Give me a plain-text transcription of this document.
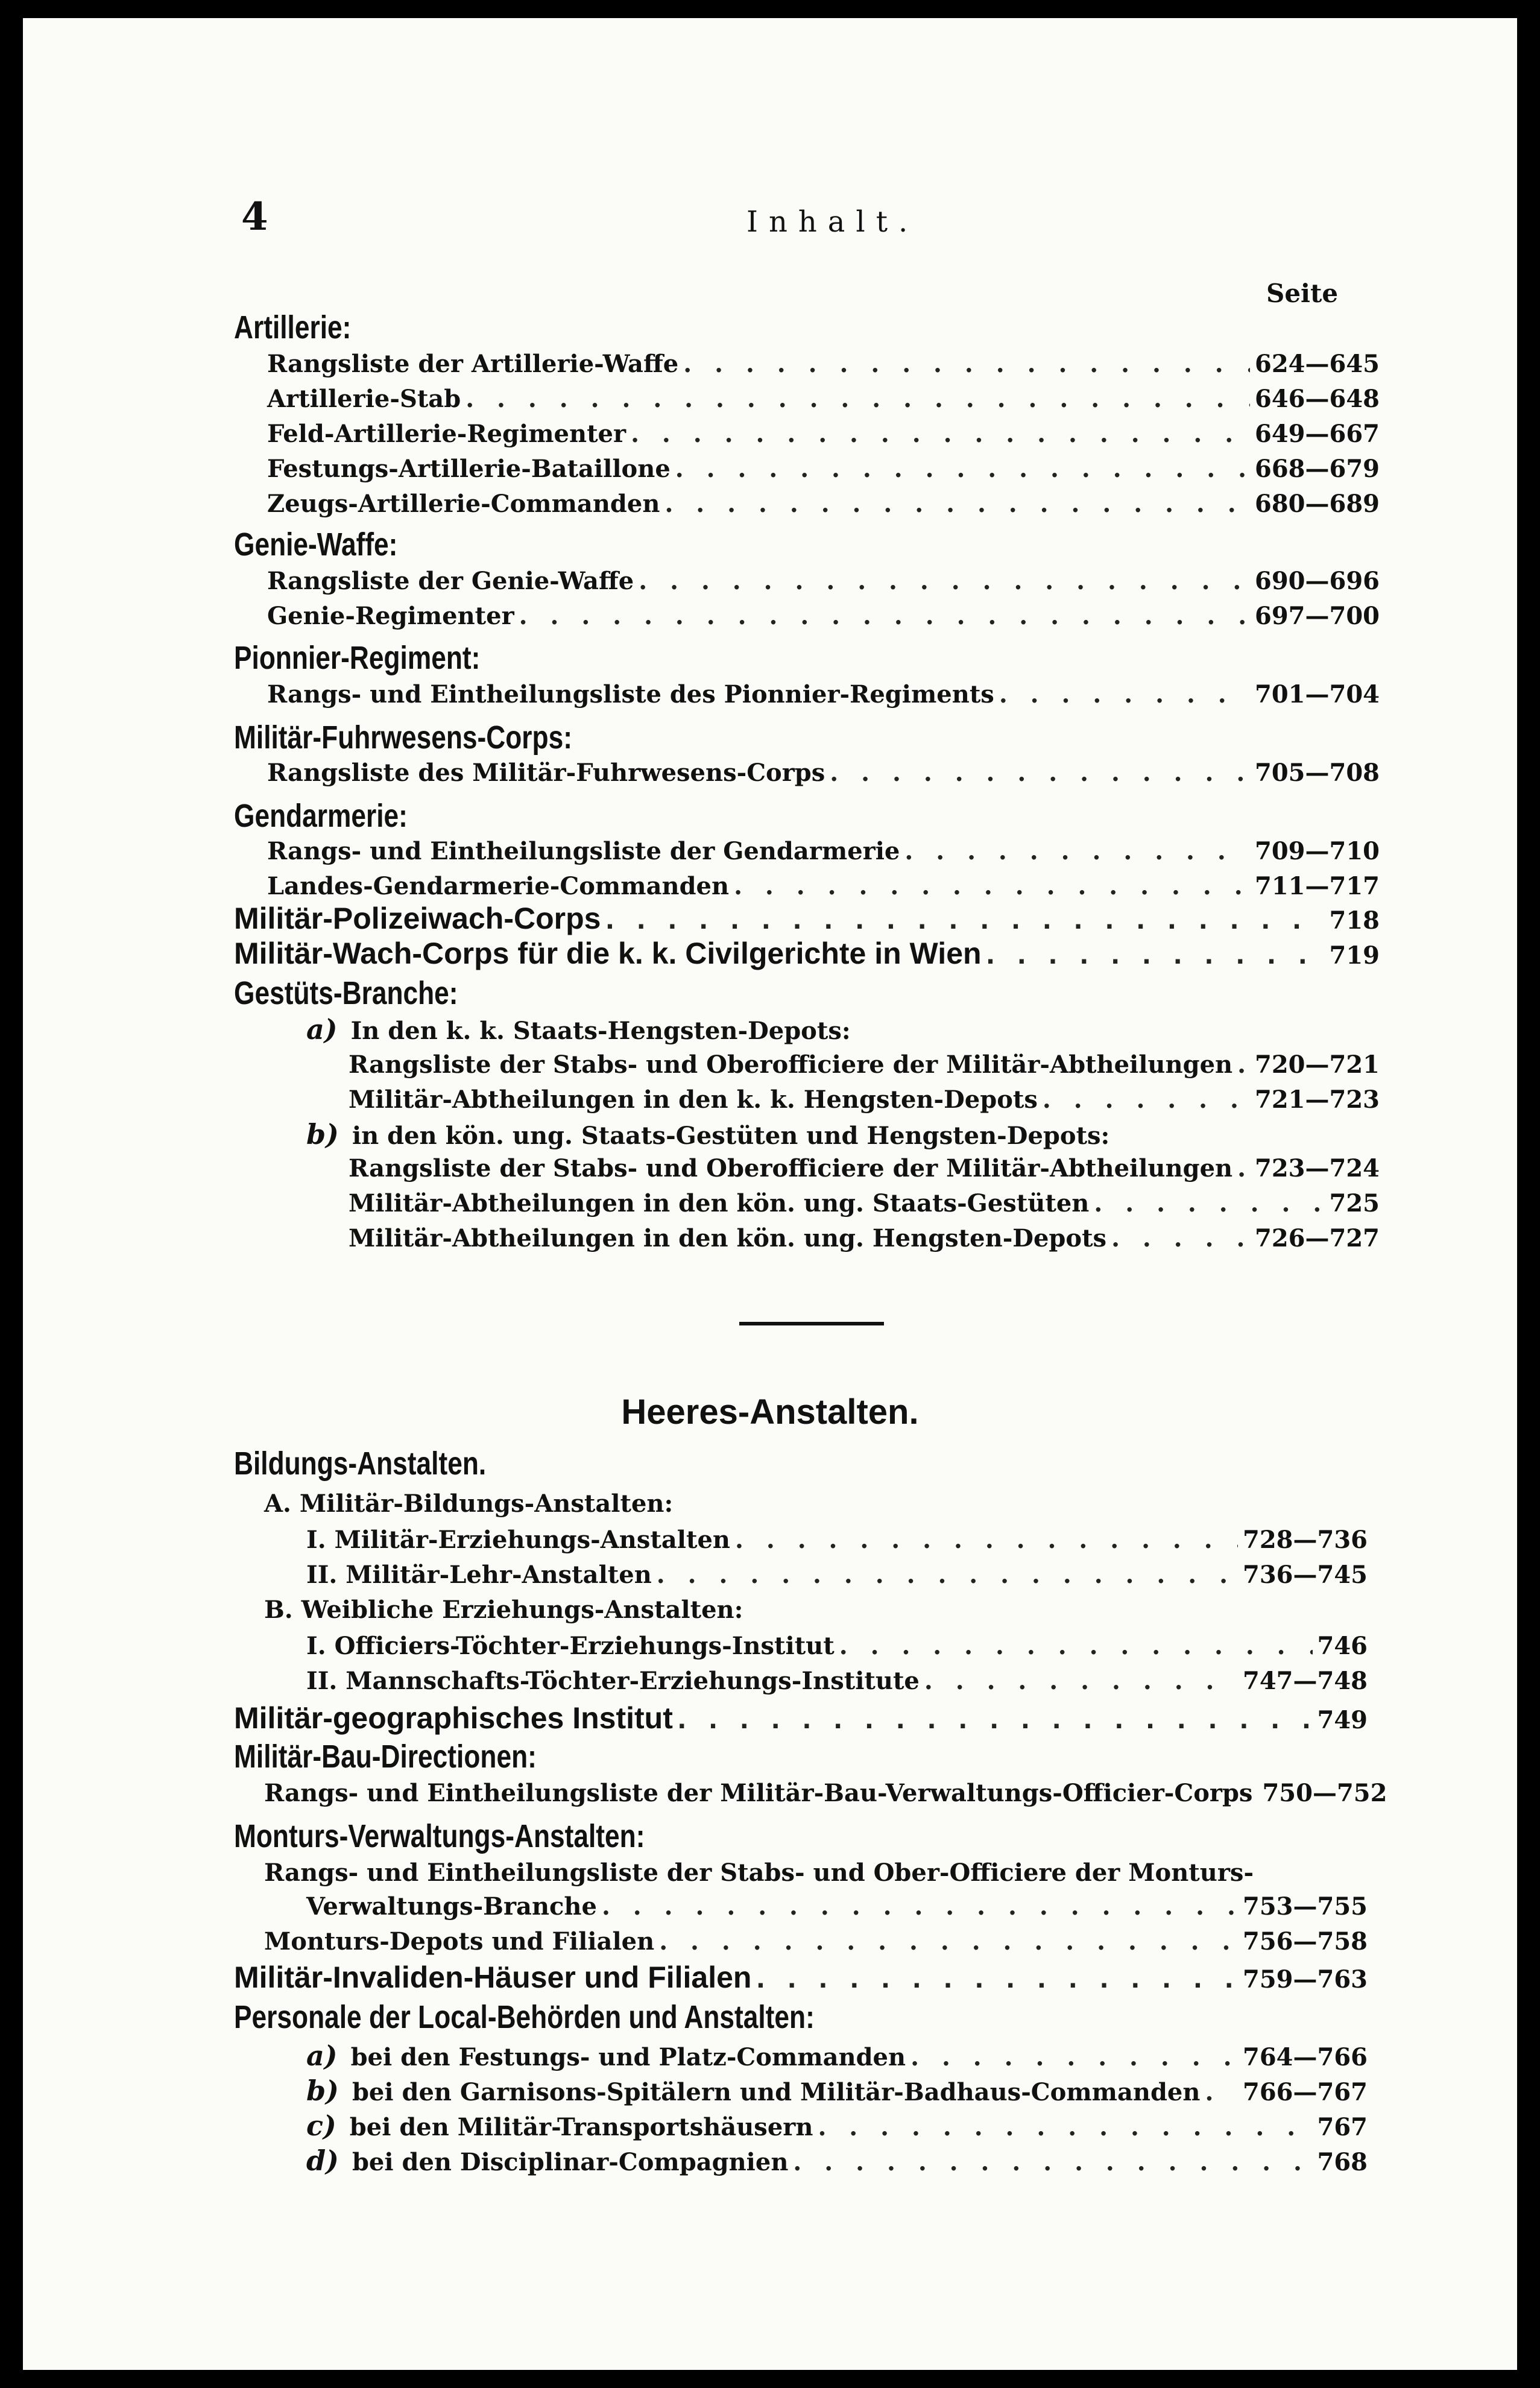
4	Inhalt.
Seite
Artillerie:
Rangsliste der Artillerie-Waffe . . .	624—645
Artillerie-Stab . . .	646—648
Feld-Artillerie-Regimenter . . .	649—667
Festungs-Artillerie-Bataillone . . .	668—679
Zeugs-Artillerie-Commanden . . .	680—689
Genie-Waffe:
Rangsliste der Genie-Waffe . . .	690—696
Genie-Regimenter . . .	697—700
Pionnier-Regiment:
Rangs- und Eintheilungsliste des Pionnier-Regiments . . .	701—704
Militär-Fuhrwesens-Corps:
Rangsliste des Militär-Fuhrwesens-Corps . . .	705—708
Gendarmerie:
Rangs- und Eintheilungsliste der Gendarmerie . . .	709—710
Landes-Gendarmerie-Commanden . . .	711—717
Militär-Polizeiwach-Corps . . .	718
Militär-Wach-Corps für die k. k. Civilgerichte in Wien . . .	719
Gestüts-Branche:
a) In den k. k. Staats-Hengsten-Depots:
Rangsliste der Stabs- und Oberofficiere der Militär-Abtheilungen . . . 720—721
Militär-Abtheilungen in den k. k. Hengsten-Depots . . .	721—723
b) in den kön. ung. Staats-Gestüten und Hengsten-Depots:
Rangsliste der Stabs- und Oberofficiere der Militär-Abtheilungen . . . 723—724
Militär-Abtheilungen in den kön. ung. Staats-Gestüten . . .	725
Militär-Abtheilungen in den kön. ung. Hengsten-Depots . . .	726—727
Heeres-Anstalten.
Bildungs-Anstalten.
A. Militär-Bildungs-Anstalten:
I. Militär-Erziehungs-Anstalten . . .	728—736
II. Militär-Lehr-Anstalten . . .	736—745
B. Weibliche Erziehungs-Anstalten:
I. Officiers-Töchter-Erziehungs-Institut . . .	746
II. Mannschafts-Töchter-Erziehungs-Institute . . .	747—748
Militär-geographisches Institut . . .	749
Militär-Bau-Directionen:
Rangs- und Eintheilungsliste der Militär-Bau-Verwaltungs-Officier-Corps 750—752
Monturs-Verwaltungs-Anstalten:
Rangs- und Eintheilungsliste der Stabs- und Ober-Officiere der Monturs-
Verwaltungs-Branche . . .	753—755
Monturs-Depots und Filialen . . .	756—758
Militär-Invaliden-Häuser und Filialen . . .	759—763
Personale der Local-Behörden und Anstalten:
a) bei den Festungs- und Platz-Commanden . . .	764—766
b) bei den Garnisons-Spitälern und Militär-Badhaus-Commanden . . . 766—767
c) bei den Militär-Transportshäusern . . .	767
d) bei den Disciplinar-Compagnien . . .	768
